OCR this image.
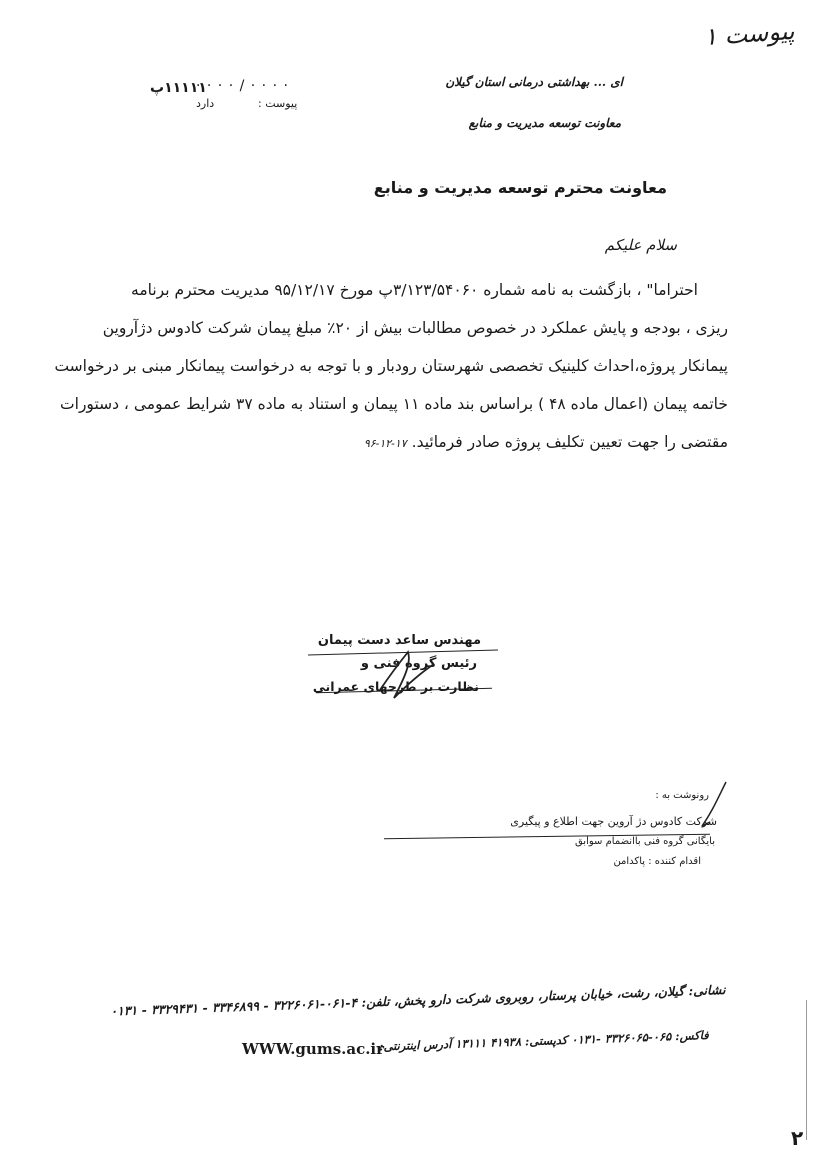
پیوست ۱
۱۱۱۱۱پ
· · · · / · · · ·
پیوست :
دارد
ای ... بهداشتی درمانی استان گیلان
معاونت توسعه مدیریت و منابع
معاونت محترم توسعه مدیریت و منابع
سلام علیکم
احتراما" ، بازگشت به نامه شماره ۳/۱۲۳/۵۴۰۶۰پ مورخ ۹۵/۱۲/۱۷ مدیریت محترم برنامه
ریزی ، بودجه و پایش عملکرد در خصوص مطالبات بیش از ۲۰٪ مبلغ پیمان شرکت کادوس دژآروین
پیمانکار پروژه،احداث کلینیک تخصصی شهرستان رودبار و با توجه به درخواست پیمانکار مبنی بر درخواست
خاتمه پیمان (اعمال ماده ۴۸ ) براساس بند ماده ۱۱ پیمان و استناد به ماده ۳۷ شرایط عمومی ، دستورات
مقتضی را جهت تعیین تکلیف پروژه صادر فرمائید. ۹۶-۱۲-۱۷
مهندس ساعد دست پیمان
رئیس گروه فنی و
نظارت بر طرحهای عمرانی
رونوشت به :
شرکت کادوس دژ آروین جهت اطلاع و پیگیری
بایگانی گروه فنی باانضمام سوابق
اقدام کننده : پاکدامن
نشانی: گیلان، رشت، خیابان پرستار، روبروی شرکت دارو پخش، تلفن: ۴-۰۶۱-۳۲۲۶۰۶۱ - ۳۳۴۶۸۹۹ - ۳۳۲۹۴۳۱ - ۰۱۳۱
فاکس: ۰۶۵-۳۳۲۶۰۶۵ -۰۱۳۱ کدپستی: ۴۱۹۳۸ ۱۳۱۱۱ آدرس اینترنتی:
WWW.gums.ac.ir
۲
